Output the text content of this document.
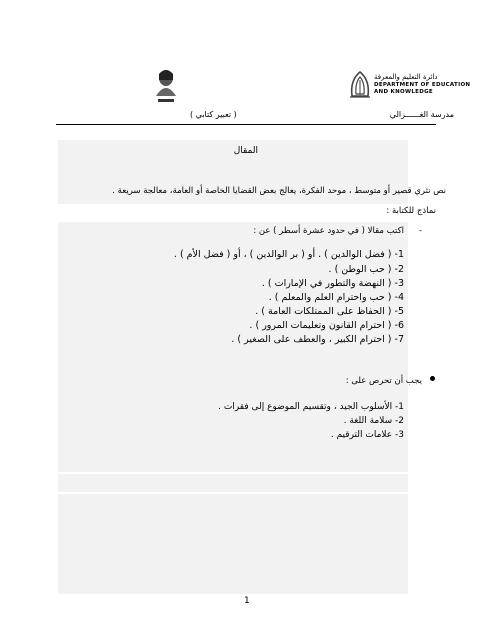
دائرة التعليم والمعرفة
DEPARTMENT OF EDUCATION
AND KNOWLEDGE
مدرسة الغــــــزالي
( تعبير كتابي )
المقال
نص نثري قصير أو متوسط ، موحد الفكرة، يعالج بعض القضايا الخاصة أو العامة، معالجة سريعة .
نماذج للكتابة :
-
اكتب مقالا ( في حدود عشرة أسطر ) عن :
1- ( فضل الوالدين ) . أو ( بر الوالدين ) ، أو ( فضل الأم ) .
2- ( حب الوطن ) .
3- ( النهضة والتطور في الإمارات ) .
4- ( حب واحترام العلم والمعلم ) .
5- ( الحفاظ على الممتلكات العامة ) .
6- ( احترام القانون وتعليمات المرور ) .
7- ( احترام الكبير ، والعطف على الصغير ) .
يجب أن تحرص على :
1- الأسلوب الجيد ، وتقسيم الموضوع إلى فقرات .
2- سلامة اللغة .
3- علامات الترقيم .
1
